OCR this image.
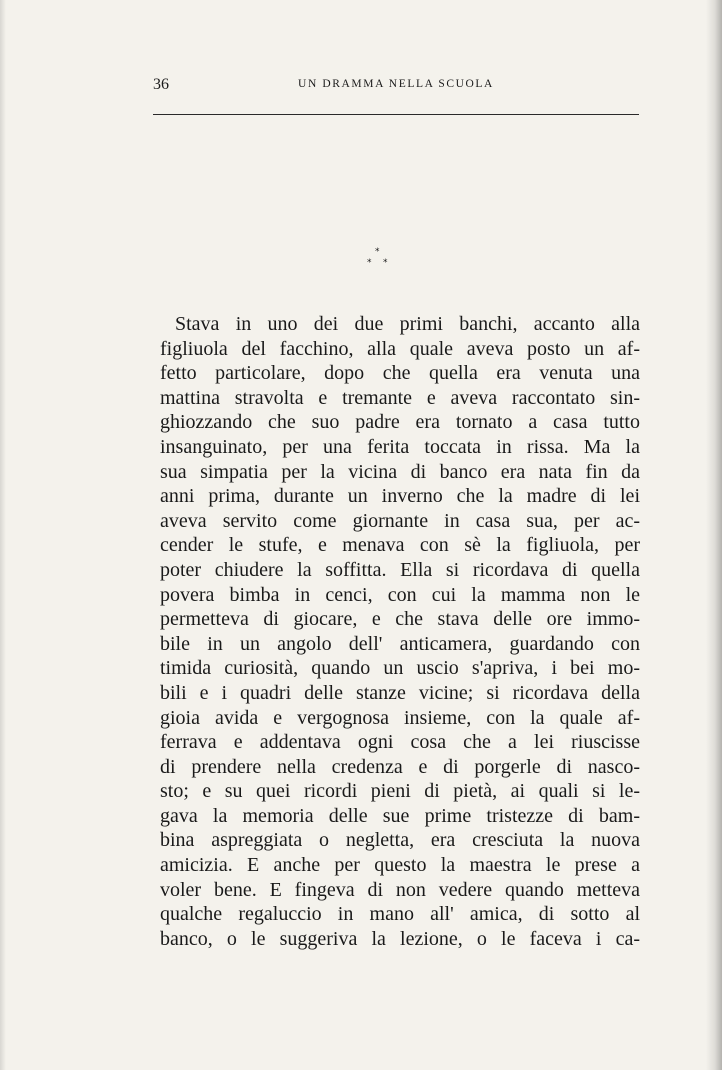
36	UN DRAMMA NELLA SCUOLA
*
* *
Stava in uno dei due primi banchi, accanto alla
figliuola del facchino, alla quale aveva posto un af-
fetto particolare, dopo che quella era venuta una
mattina stravolta e tremante e aveva raccontato sin-
ghiozzando che suo padre era tornato a casa tutto
insanguinato, per una ferita toccata in rissa. Ma la
sua simpatia per la vicina di banco era nata fin da
anni prima, durante un inverno che la madre di lei
aveva servito come giornante in casa sua, per ac-
cender le stufe, e menava con sè la figliuola, per
poter chiudere la soffitta. Ella si ricordava di quella
povera bimba in cenci, con cui la mamma non le
permetteva di giocare, e che stava delle ore immo-
bile in un angolo dell' anticamera, guardando con
timida curiosità, quando un uscio s'apriva, i bei mo-
bili e i quadri delle stanze vicine; si ricordava della
gioia avida e vergognosa insieme, con la quale af-
ferrava e addentava ogni cosa che a lei riuscisse
di prendere nella credenza e di porgerle di nasco-
sto; e su quei ricordi pieni di pietà, ai quali si le-
gava la memoria delle sue prime tristezze di bam-
bina aspreggiata o negletta, era cresciuta la nuova
amicizia. E anche per questo la maestra le prese a
voler bene. E fingeva di non vedere quando metteva
qualche regaluccio in mano all' amica, di sotto al
banco, o le suggeriva la lezione, o le faceva i ca-
